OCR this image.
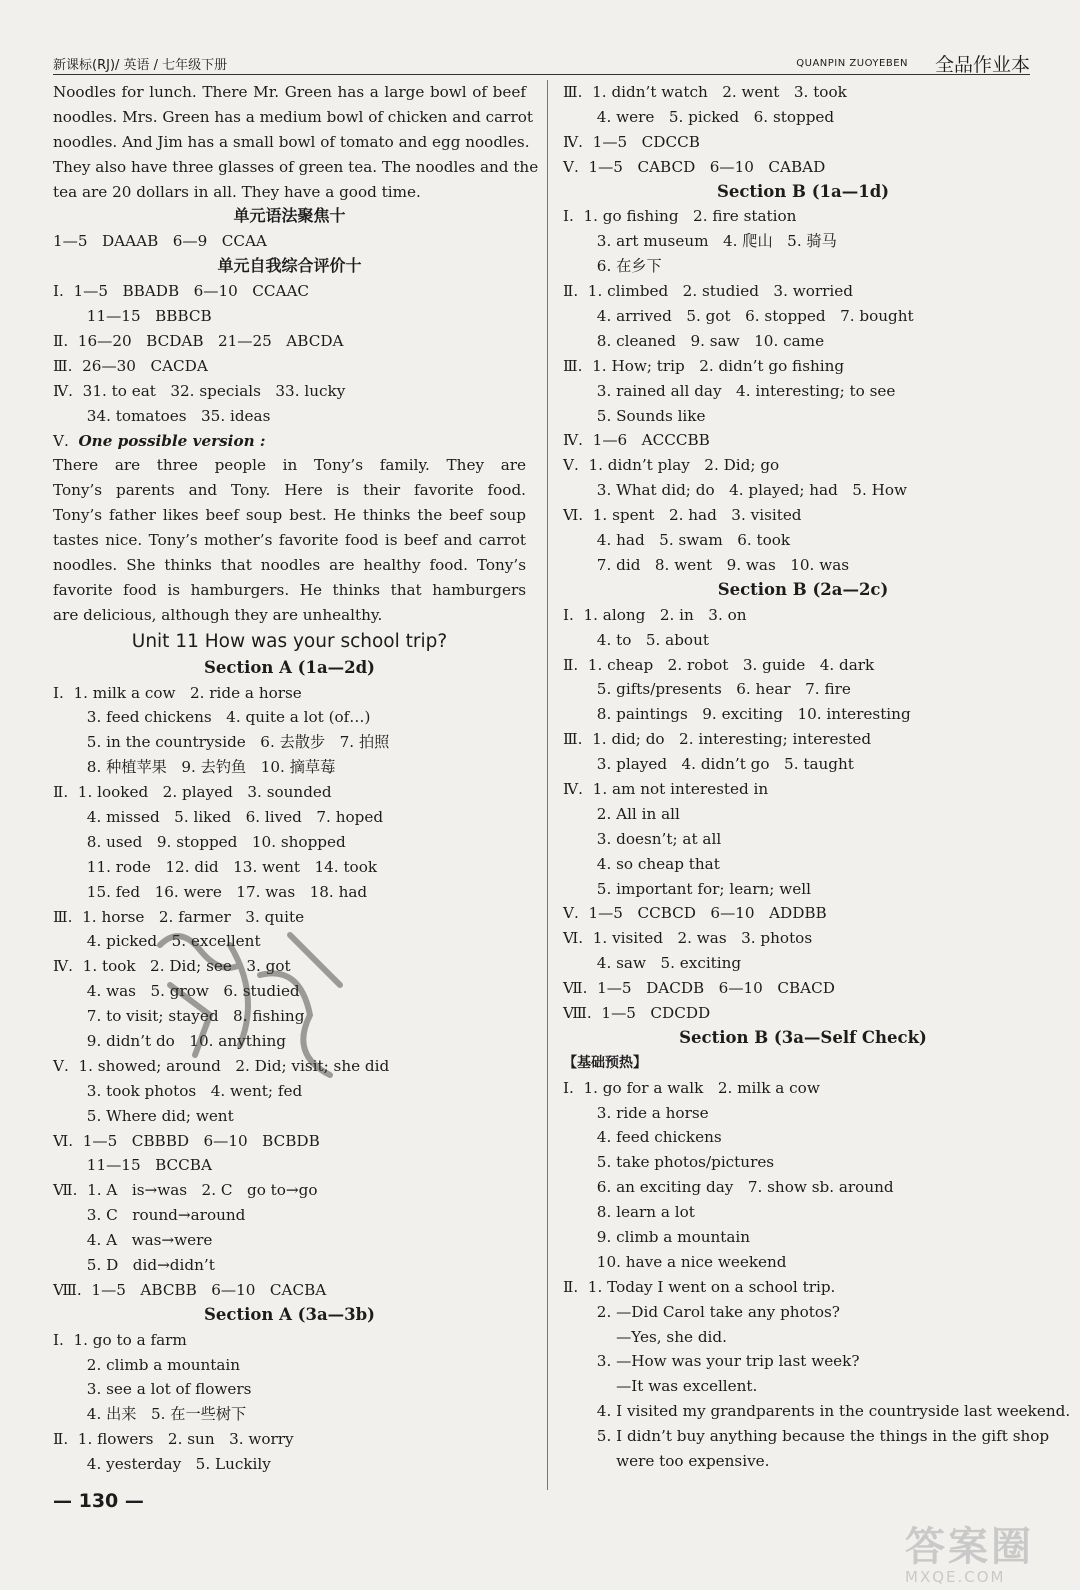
新课标(RJ)/ 英语 / 七年级下册	QUANPIN ZUOYEBEN 全品作业本
Noodles for lunch. There Mr. Green has a large bowl of beef
noodles. Mrs. Green has a medium bowl of chicken and carrot
noodles. And Jim has a small bowl of tomato and egg noodles.
They also have three glasses of green tea. The noodles and the
tea are 20 dollars in all. They have a good time.
单元语法聚焦十
1—5   DAAAB   6—9   CCAA
单元自我综合评价十
Ⅰ.  1—5   BBADB   6—10   CCAAC
11—15   BBBCB
Ⅱ.  16—20   BCDAB   21—25   ABCDA
Ⅲ.  26—30   CACDA
Ⅳ.  31. to eat   32. specials   33. lucky
34. tomatoes   35. ideas
Ⅴ.  One possible version :
There are three people in Tony’s family. They are
Tony’s parents and Tony. Here is their favorite food.
Tony’s father likes beef soup best. He thinks the beef soup
tastes nice. Tony’s mother’s favorite food is beef and carrot
noodles. She thinks that noodles are healthy food. Tony’s
favorite food is hamburgers. He thinks that hamburgers
are delicious, although they are unhealthy.
Unit 11 How was your school trip?
Section A (1a—2d)
Ⅰ.  1. milk a cow   2. ride a horse
3. feed chickens   4. quite a lot (of…)
5. in the countryside   6. 去散步   7. 拍照
8. 种植苹果   9. 去钓鱼   10. 摘草莓
Ⅱ.  1. looked   2. played   3. sounded
4. missed   5. liked   6. lived   7. hoped
8. used   9. stopped   10. shopped
11. rode   12. did   13. went   14. took
15. fed   16. were   17. was   18. had
Ⅲ.  1. horse   2. farmer   3. quite
4. picked   5. excellent
Ⅳ.  1. took   2. Did; see   3. got
4. was   5. grow   6. studied
7. to visit; stayed   8. fishing
9. didn’t do   10. anything
Ⅴ.  1. showed; around   2. Did; visit; she did
3. took photos   4. went; fed
5. Where did; went
Ⅵ.  1—5   CBBBD   6—10   BCBDB
11—15   BCCBA
Ⅶ.  1. A   is→was   2. C   go to→go
3. C   round→around
4. A   was→were
5. D   did→didn’t
Ⅷ.  1—5   ABCBB   6—10   CACBA
Section A (3a—3b)
Ⅰ.  1. go to a farm
2. climb a mountain
3. see a lot of flowers
4. 出来   5. 在一些树下
Ⅱ.  1. flowers   2. sun   3. worry
4. yesterday   5. Luckily
Ⅲ.  1. didn’t watch   2. went   3. took
4. were   5. picked   6. stopped
Ⅳ.  1—5   CDCCB
Ⅴ.  1—5   CABCD   6—10   CABAD
Section B (1a—1d)
Ⅰ.  1. go fishing   2. fire station
3. art museum   4. 爬山   5. 骑马
6. 在乡下
Ⅱ.  1. climbed   2. studied   3. worried
4. arrived   5. got   6. stopped   7. bought
8. cleaned   9. saw   10. came
Ⅲ.  1. How; trip   2. didn’t go fishing
3. rained all day   4. interesting; to see
5. Sounds like
Ⅳ.  1—6   ACCCBB
Ⅴ.  1. didn’t play   2. Did; go
3. What did; do   4. played; had   5. How
Ⅵ.  1. spent   2. had   3. visited
4. had   5. swam   6. took
7. did   8. went   9. was   10. was
Section B (2a—2c)
Ⅰ.  1. along   2. in   3. on
4. to   5. about
Ⅱ.  1. cheap   2. robot   3. guide   4. dark
5. gifts/presents   6. hear   7. fire
8. paintings   9. exciting   10. interesting
Ⅲ.  1. did; do   2. interesting; interested
3. played   4. didn’t go   5. taught
Ⅳ.  1. am not interested in
2. All in all
3. doesn’t; at all
4. so cheap that
5. important for; learn; well
Ⅴ.  1—5   CCBCD   6—10   ADDBB
Ⅵ.  1. visited   2. was   3. photos
4. saw   5. exciting
Ⅶ.  1—5   DACDB   6—10   CBACD
Ⅷ.  1—5   CDCDD
Section B (3a—Self Check)
【基础预热】
Ⅰ.  1. go for a walk   2. milk a cow
3. ride a horse
4. feed chickens
5. take photos/pictures
6. an exciting day   7. show sb. around
8. learn a lot
9. climb a mountain
10. have a nice weekend
Ⅱ.  1. Today I went on a school trip.
2. —Did Carol take any photos?
—Yes, she did.
3. —How was your trip last week?
—It was excellent.
4. I visited my grandparents in the countryside last weekend.
5. I didn’t buy anything because the things in the gift shop
were too expensive.
— 130 —
答案圈
MXQE.COM
